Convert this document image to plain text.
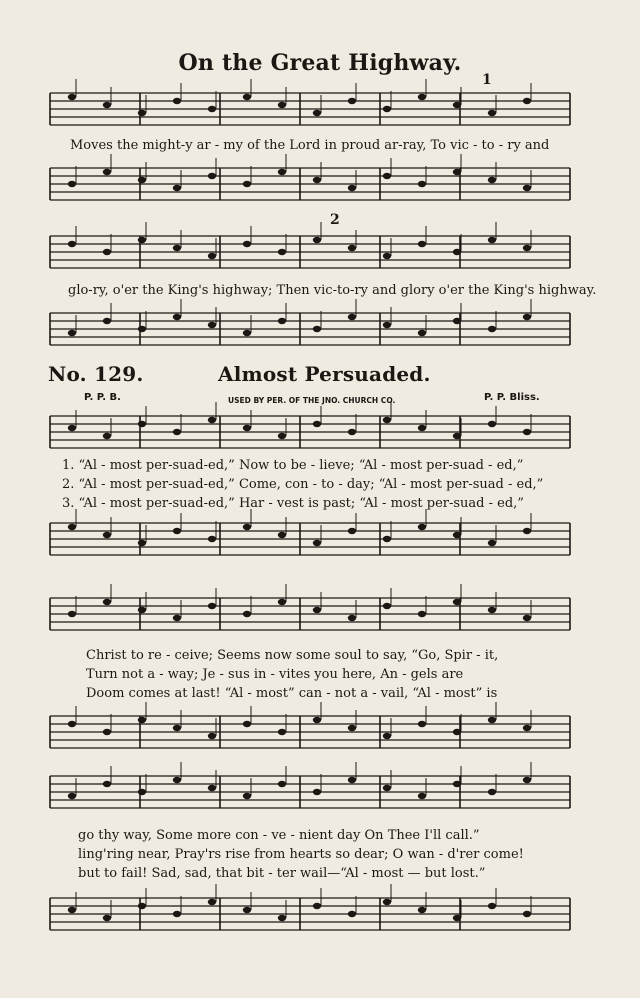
On the Great Highway.
Moves the might-y ar - my of the Lord in proud ar-ray, To vic - to - ry and
glo-ry, o'er the King's highway; Then vic-to-ry and glory o'er the King's highway.
No. 129.	Almost Persuaded.
P. P. B.	USED BY PER. OF THE JNO. CHURCH CO.	P. P. Bliss.
1. “Al - most per-suad-ed,” Now to be - lieve; “Al - most per-suad - ed,”
2. “Al - most per-suad-ed,” Come, con - to - day; “Al - most per-suad - ed,”
3. “Al - most per-suad-ed,” Har - vest is past; “Al - most per-suad - ed,”
Christ to re - ceive; Seems now some soul to say, “Go, Spir - it,
Turn not a - way; Je - sus in - vites you here, An - gels are
Doom comes at last! “Al - most” can - not a - vail, “Al - most” is
go thy way, Some more con - ve - nient day On Thee I'll call.”
ling'ring near, Pray'rs rise from hearts so dear; O wan - d'rer come!
but to fail! Sad, sad, that bit - ter wail—“Al - most — but lost.”
1
2
